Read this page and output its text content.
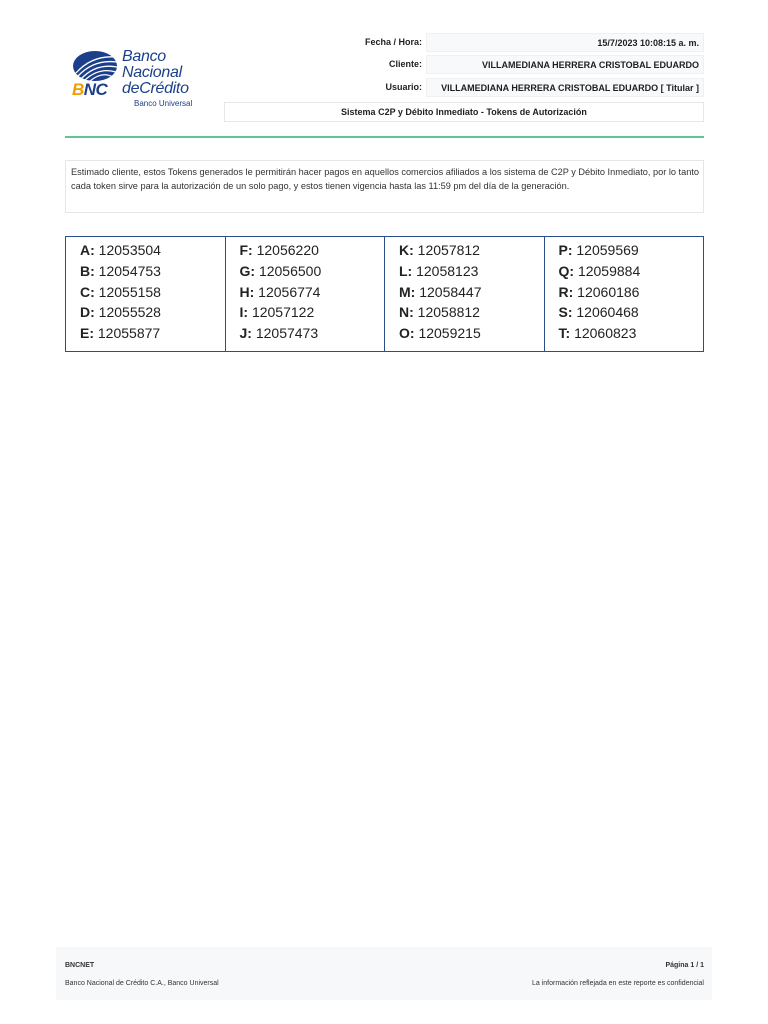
Banco
Nacional
deCrédito
BNC
Banco Universal
Fecha / Hora:	15/7/2023 10:08:15 a. m.
Cliente:	VILLAMEDIANA HERRERA CRISTOBAL EDUARDO
Usuario:	VILLAMEDIANA HERRERA CRISTOBAL EDUARDO [ Titular ]
Sistema C2P y Débito Inmediato - Tokens de Autorización
Estimado cliente, estos Tokens generados le permitirán hacer pagos en aquellos comercios afiliados a los sistema de C2P y Débito Inmediato, por lo tanto cada token sirve para la autorización de un solo pago, y estos tienen vigencia hasta las 11:59 pm del día de la generación.
A: 12053504
B: 12054753
C: 12055158
D: 12055528
E: 12055877
F: 12056220
G: 12056500
H: 12056774
I: 12057122
J: 12057473
K: 12057812
L: 12058123
M: 12058447
N: 12058812
O: 12059215
P: 12059569
Q: 12059884
R: 12060186
S: 12060468
T: 12060823
BNCNET	Página 1 / 1
Banco Nacional de Crédito C.A., Banco Universal	La información reflejada en este reporte es confidencial
